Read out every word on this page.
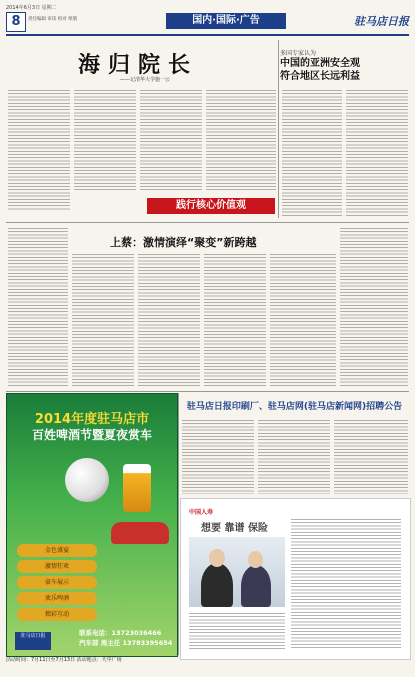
2014年6月3日 星期二
8	责任编辑 审读 校对 组版	国内·国际·广告	驻马店日报
海归院长
——记清华大学施一公
多国专家认为
中国的亚洲安全观
符合地区长远利益
践行核心价值观
上蔡：激情演绎“聚变”新跨越
2014年度驻马店市
百姓啤酒节暨夏夜赏车
金色盛宴
激情狂欢
豪车展示
欢乐啤酒
精彩互动
联系电话：13723036466
汽车部 周主任 13783395654
驻马店日报
驻马店日报印刷厂、驻马店网(驻马店新闻网)招聘公告
中国人寿
想要 靠谱 保险
活动时间：7月11日至7月13日 活动地点：天中广场
